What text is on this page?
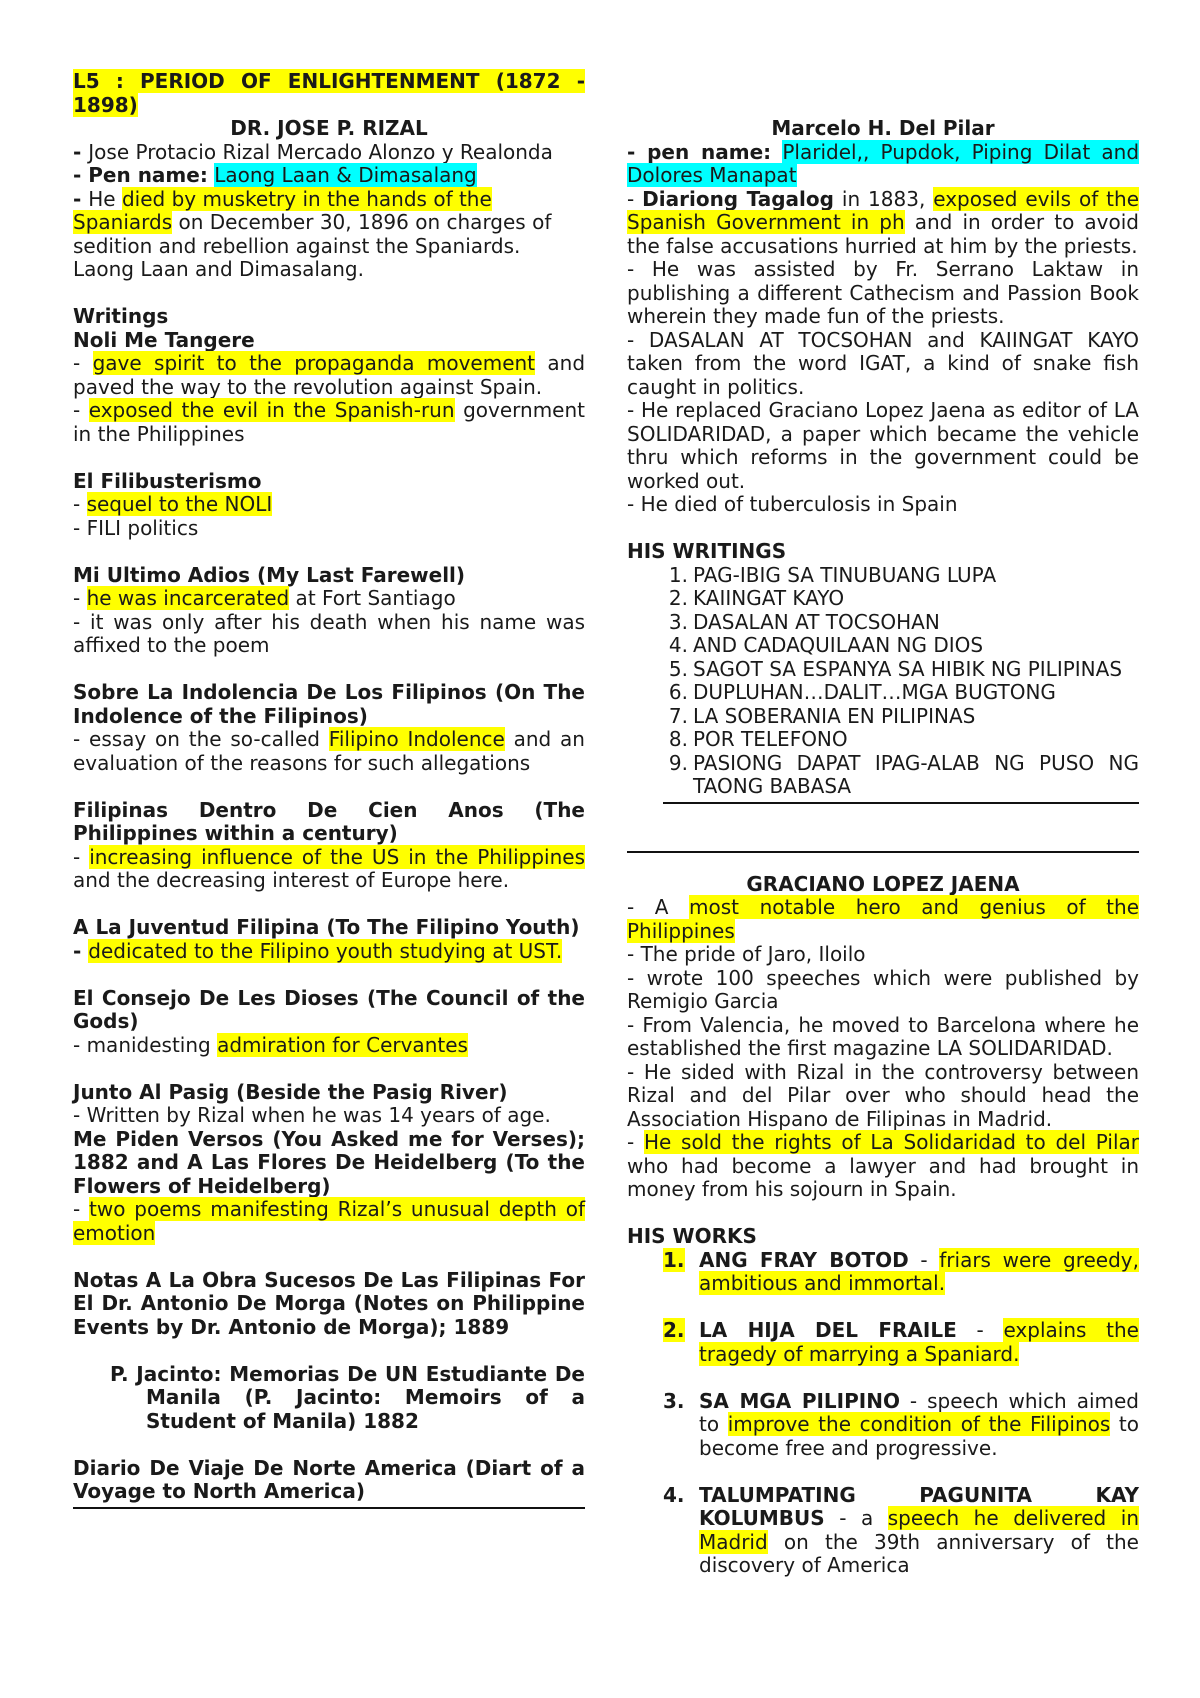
L5 : PERIOD OF ENLIGHTENMENT (1872 - 1898)
DR. JOSE P. RIZAL
- Jose Protacio Rizal Mercado Alonzo y Realonda
- Pen name: Laong Laan & Dimasalang
- He died by musketry in the hands of the
Spaniards on December 30, 1896 on charges of sedition and rebellion against the Spaniards. Laong Laan and Dimasalang.
Writings
Noli Me Tangere
- gave spirit to the propaganda movement and paved the way to the revolution against Spain.
- exposed the evil in the Spanish-run government in the Philippines
El Filibusterismo
- sequel to the NOLI
- FILI politics
Mi Ultimo Adios (My Last Farewell)
- he was incarcerated at Fort Santiago
- it was only after his death when his name was affixed to the poem
Sobre La Indolencia De Los Filipinos (On The Indolence of the Filipinos)
- essay on the so-called Filipino Indolence and an evaluation of the reasons for such allegations
Filipinas Dentro De Cien Anos (The Philippines within a century)
- increasing influence of the US in the Philippines and the decreasing interest of Europe here.
A La Juventud Filipina (To The Filipino Youth)
- dedicated to the Filipino youth studying at UST.
El Consejo De Les Dioses (The Council of the Gods)
- manidesting admiration for Cervantes
Junto Al Pasig (Beside the Pasig River)
- Written by Rizal when he was 14 years of age.
Me Piden Versos (You Asked me for Verses); 1882 and A Las Flores De Heidelberg (To the Flowers of Heidelberg)
- two poems manifesting Rizal’s unusual depth of emotion
Notas A La Obra Sucesos De Las Filipinas For El Dr. Antonio De Morga (Notes on Philippine Events by Dr. Antonio de Morga); 1889
P. Jacinto: Memorias De UN Estudiante De Manila (P. Jacinto: Memoirs of a Student of Manila) 1882
Diario De Viaje De Norte America (Diart of a Voyage to North America)
Marcelo H. Del Pilar
- pen name: Plaridel,, Pupdok, Piping Dilat and Dolores Manapat
- Diariong Tagalog in 1883, exposed evils of the Spanish Government in ph and in order to avoid the false accusations hurried at him by the priests.
- He was assisted by Fr. Serrano Laktaw in publishing a different Cathecism and Passion Book wherein they made fun of the priests.
- DASALAN AT TOCSOHAN and KAIINGAT KAYO taken from the word IGAT, a kind of snake fish caught in politics.
- He replaced Graciano Lopez Jaena as editor of LA SOLIDARIDAD, a paper which became the vehicle thru which reforms in the government could be worked out.
- He died of tuberculosis in Spain
HIS WRITINGS
1. PAG-IBIG SA TINUBUANG LUPA
2. KAIINGAT KAYO
3. DASALAN AT TOCSOHAN
4. AND CADAQUILAAN NG DIOS
5. SAGOT SA ESPANYA SA HIBIK NG PILIPINAS
6. DUPLUHAN…DALIT…MGA BUGTONG
7. LA SOBERANIA EN PILIPINAS
8. POR TELEFONO
9. PASIONG DAPAT IPAG-ALAB NG PUSO NG TAONG BABASA
GRACIANO LOPEZ JAENA
- A most notable hero and genius of the Philippines
- The pride of Jaro, Iloilo
- wrote 100 speeches which were published by Remigio Garcia
- From Valencia, he moved to Barcelona where he established the first magazine LA SOLIDARIDAD.
- He sided with Rizal in the controversy between Rizal and del Pilar over who should head the Association Hispano de Filipinas in Madrid.
- He sold the rights of La Solidaridad to del Pilar who had become a lawyer and had brought in money from his sojourn in Spain.
HIS WORKS
1. ANG FRAY BOTOD - friars were greedy, ambitious and immortal.
2. LA HIJA DEL FRAILE - explains the tragedy of marrying a Spaniard.
3. SA MGA PILIPINO - speech which aimed to improve the condition of the Filipinos to become free and progressive.
4. TALUMPATING PAGUNITA KAY KOLUMBUS - a speech he delivered in Madrid on the 39th anniversary of the discovery of America
